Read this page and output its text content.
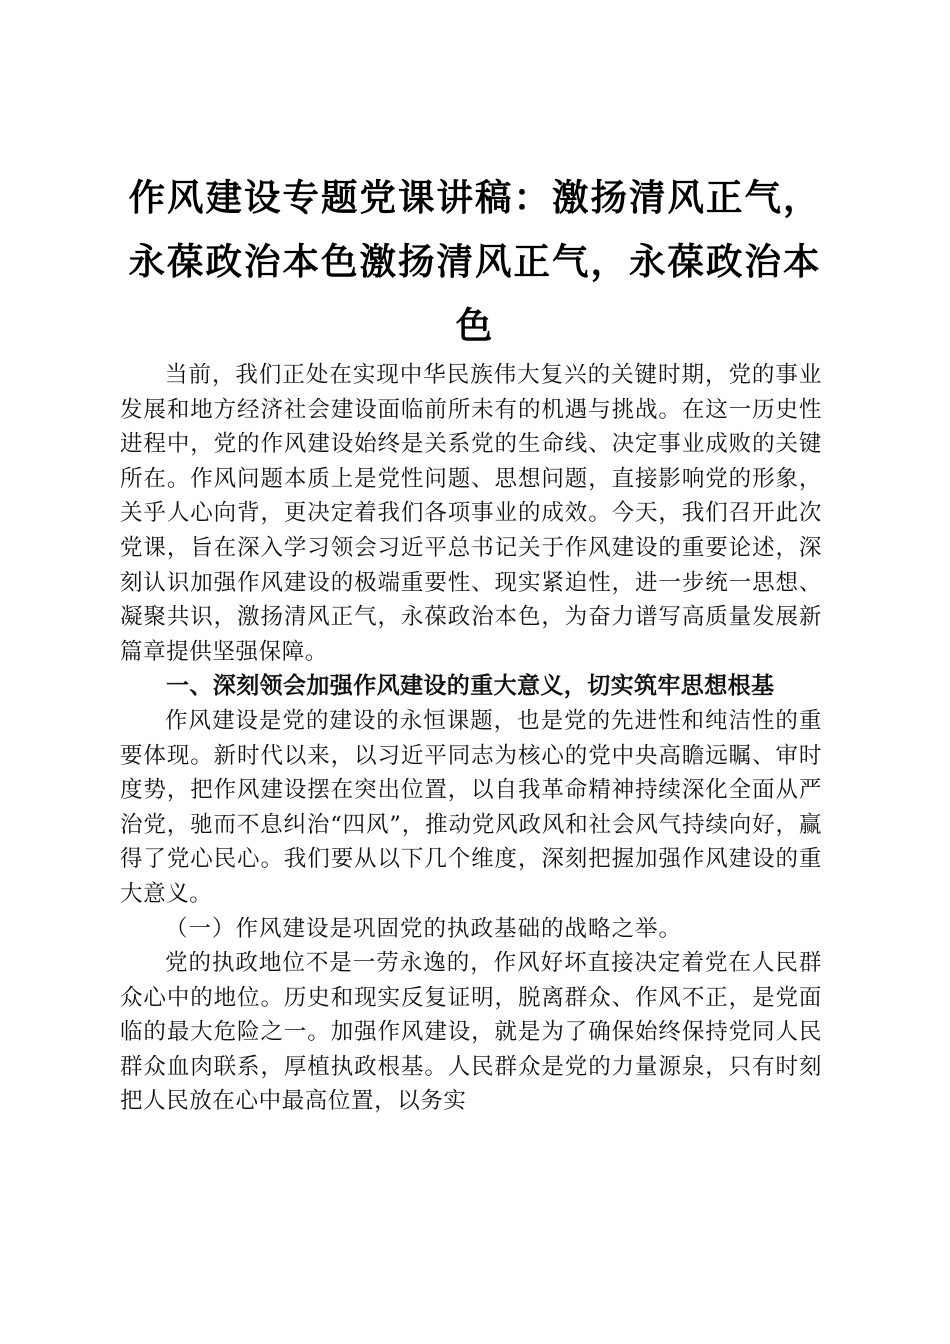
作风建设专题党课讲稿：激扬清风正气，永葆政治本色激扬清风正气，永葆政治本色

当前，我们正处在实现中华民族伟大复兴的关键时期，党的事业发展和地方经济社会建设面临前所未有的机遇与挑战。在这一历史性进程中，党的作风建设始终是关系党的生命线、决定事业成败的关键所在。作风问题本质上是党性问题、思想问题，直接影响党的形象，关乎人心向背，更决定着我们各项事业的成效。今天，我们召开此次党课，旨在深入学习领会习近平总书记关于作风建设的重要论述，深刻认识加强作风建设的极端重要性、现实紧迫性，进一步统一思想、凝聚共识，激扬清风正气，永葆政治本色，为奋力谱写高质量发展新篇章提供坚强保障。

一、深刻领会加强作风建设的重大意义，切实筑牢思想根基

作风建设是党的建设的永恒课题，也是党的先进性和纯洁性的重要体现。新时代以来，以习近平同志为核心的党中央高瞻远瞩、审时度势，把作风建设摆在突出位置，以自我革命精神持续深化全面从严治党，驰而不息纠治“四风”，推动党风政风和社会风气持续向好，赢得了党心民心。我们要从以下几个维度，深刻把握加强作风建设的重大意义。

（一）作风建设是巩固党的执政基础的战略之举。

党的执政地位不是一劳永逸的，作风好坏直接决定着党在人民群众心中的地位。历史和现实反复证明，脱离群众、作风不正，是党面临的最大危险之一。加强作风建设，就是为了确保始终保持党同人民群众血肉联系，厚植执政根基。人民群众是党的力量源泉，只有时刻把人民放在心中最高位置，以务实
